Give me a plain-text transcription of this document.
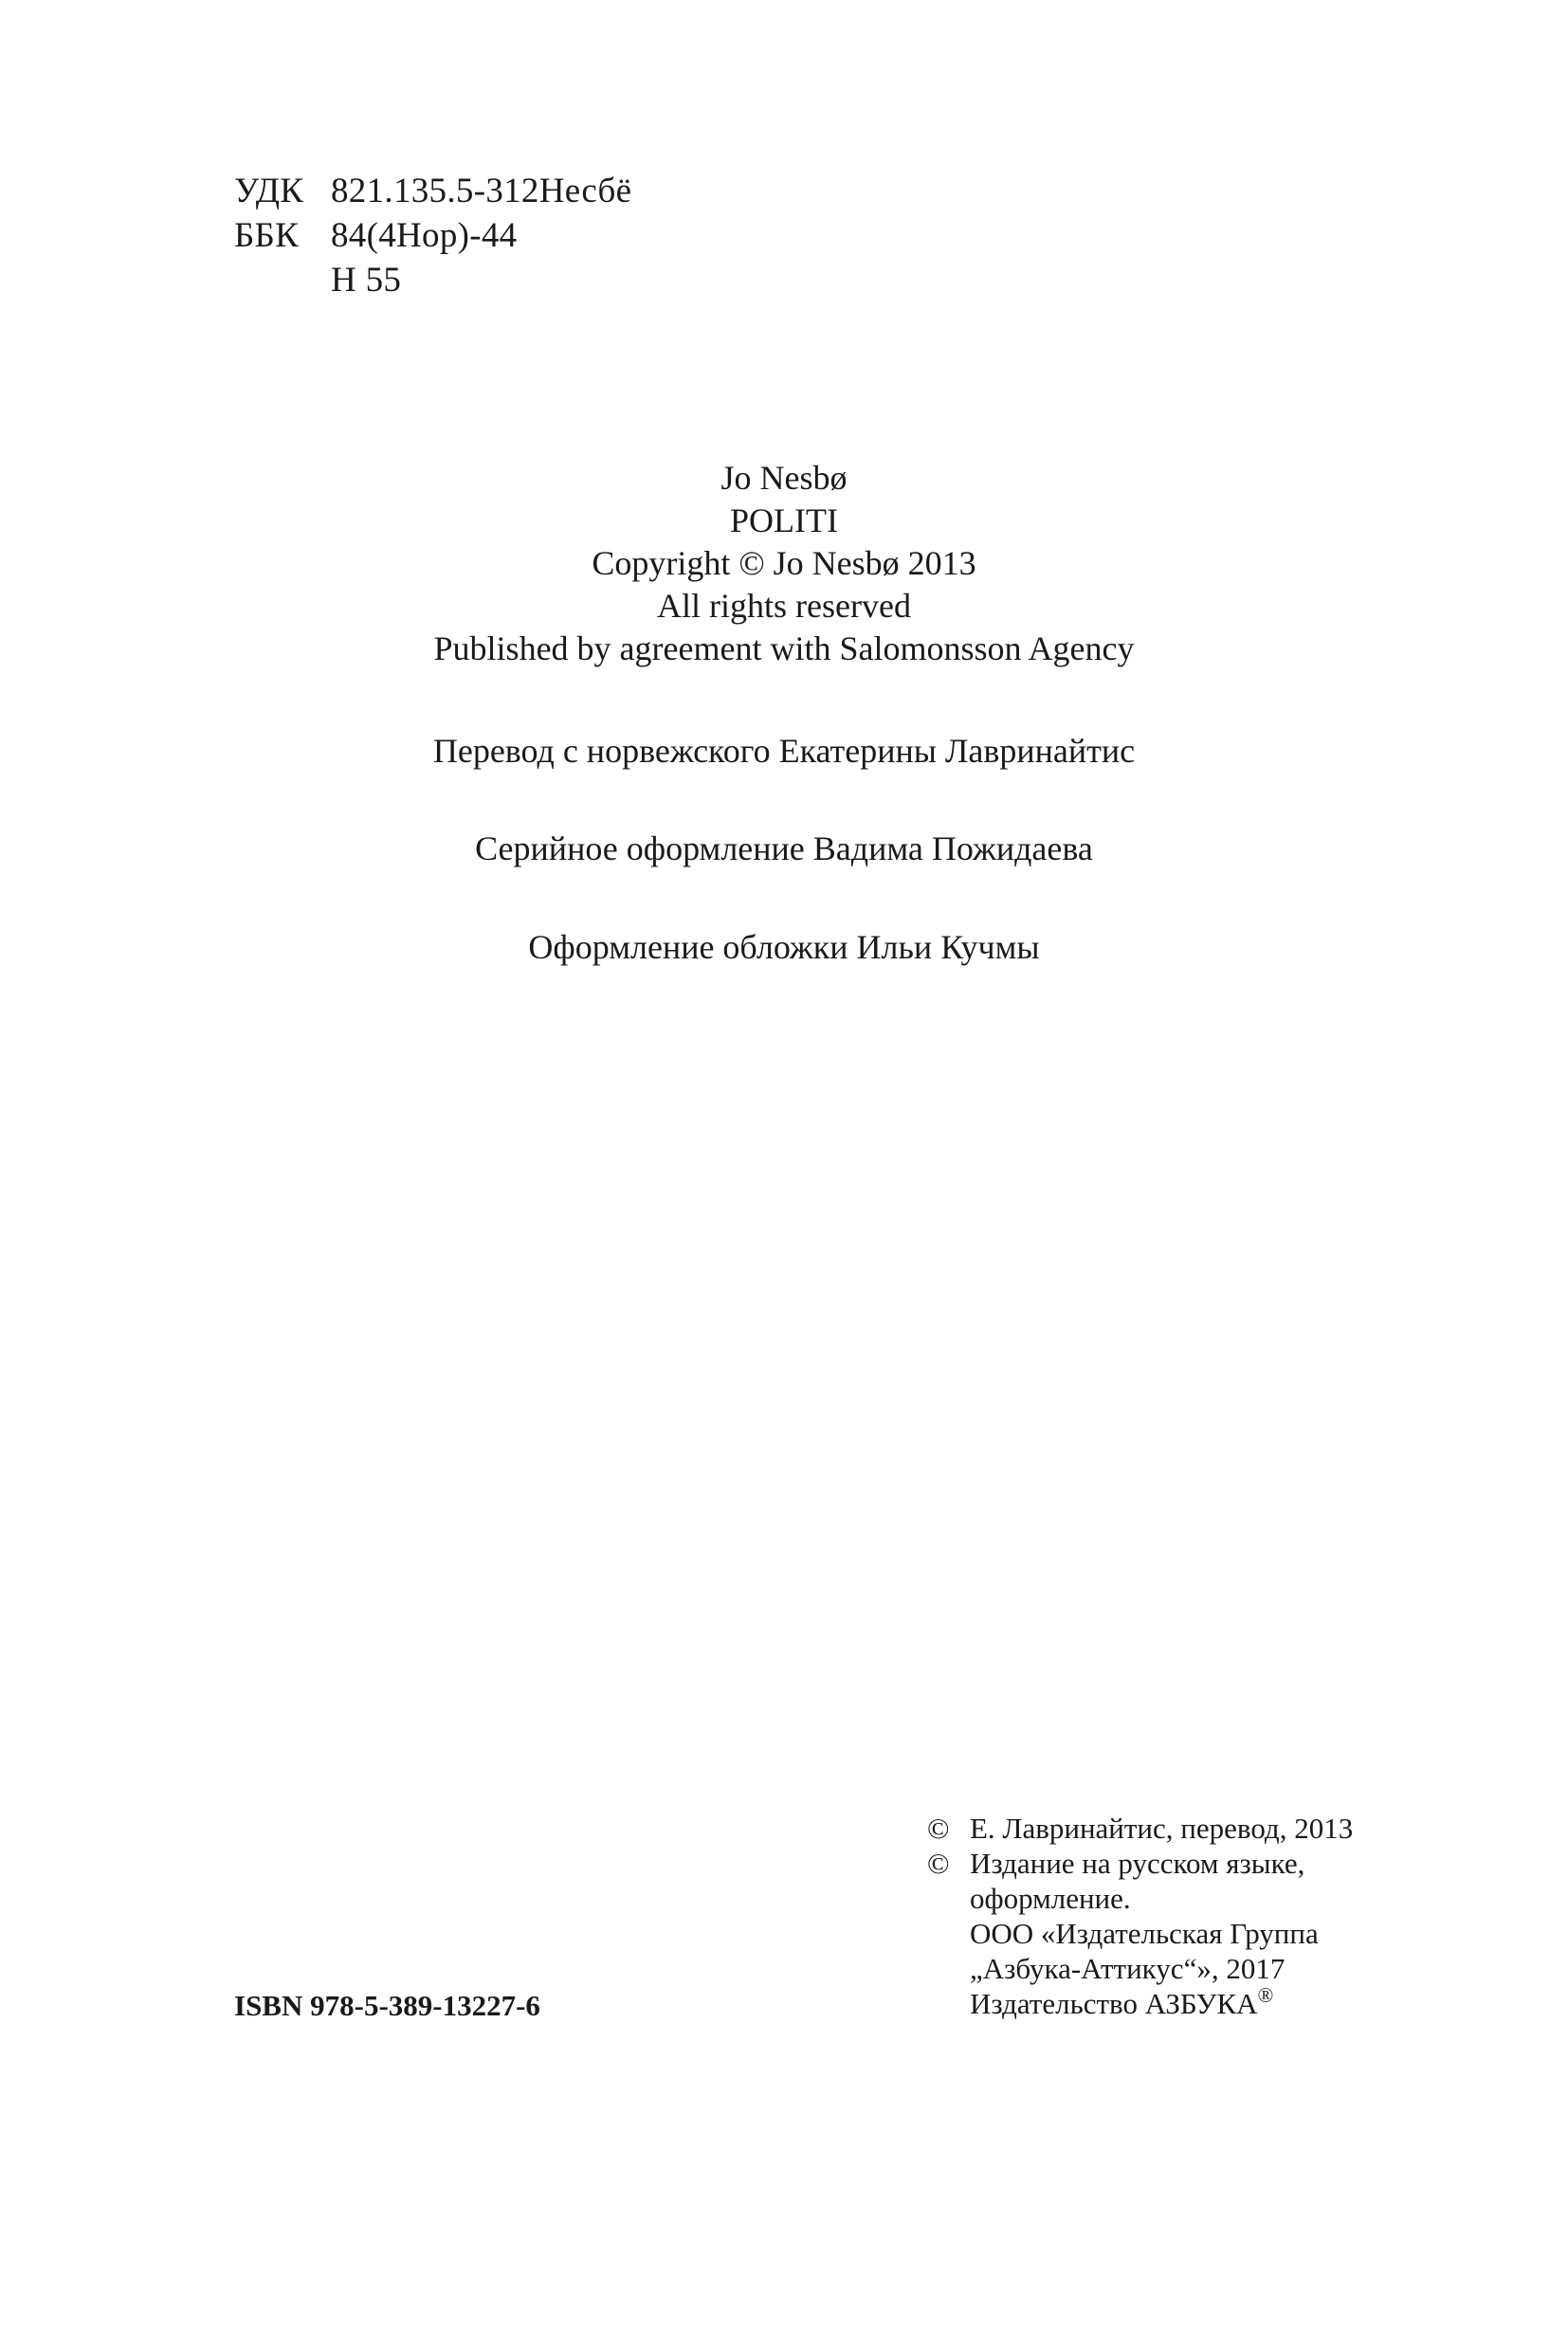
УДК 821.135.5-312Несбё
ББК 84(4Нор)-44
Н 55
Jo Nesbø
POLITI
Copyright © Jo Nesbø 2013
All rights reserved
Published by agreement with Salomonsson Agency
Перевод с норвежского Екатерины Лавринайтис
Серийное оформление Вадима Пожидаева
Оформление обложки Ильи Кучмы
ISBN 978-5-389-13227-6
© Е. Лавринайтис, перевод, 2013
© Издание на русском языке,
оформление.
ООО «Издательская Группа
„Азбука-Аттикус“», 2017
Издательство АЗБУКА®
